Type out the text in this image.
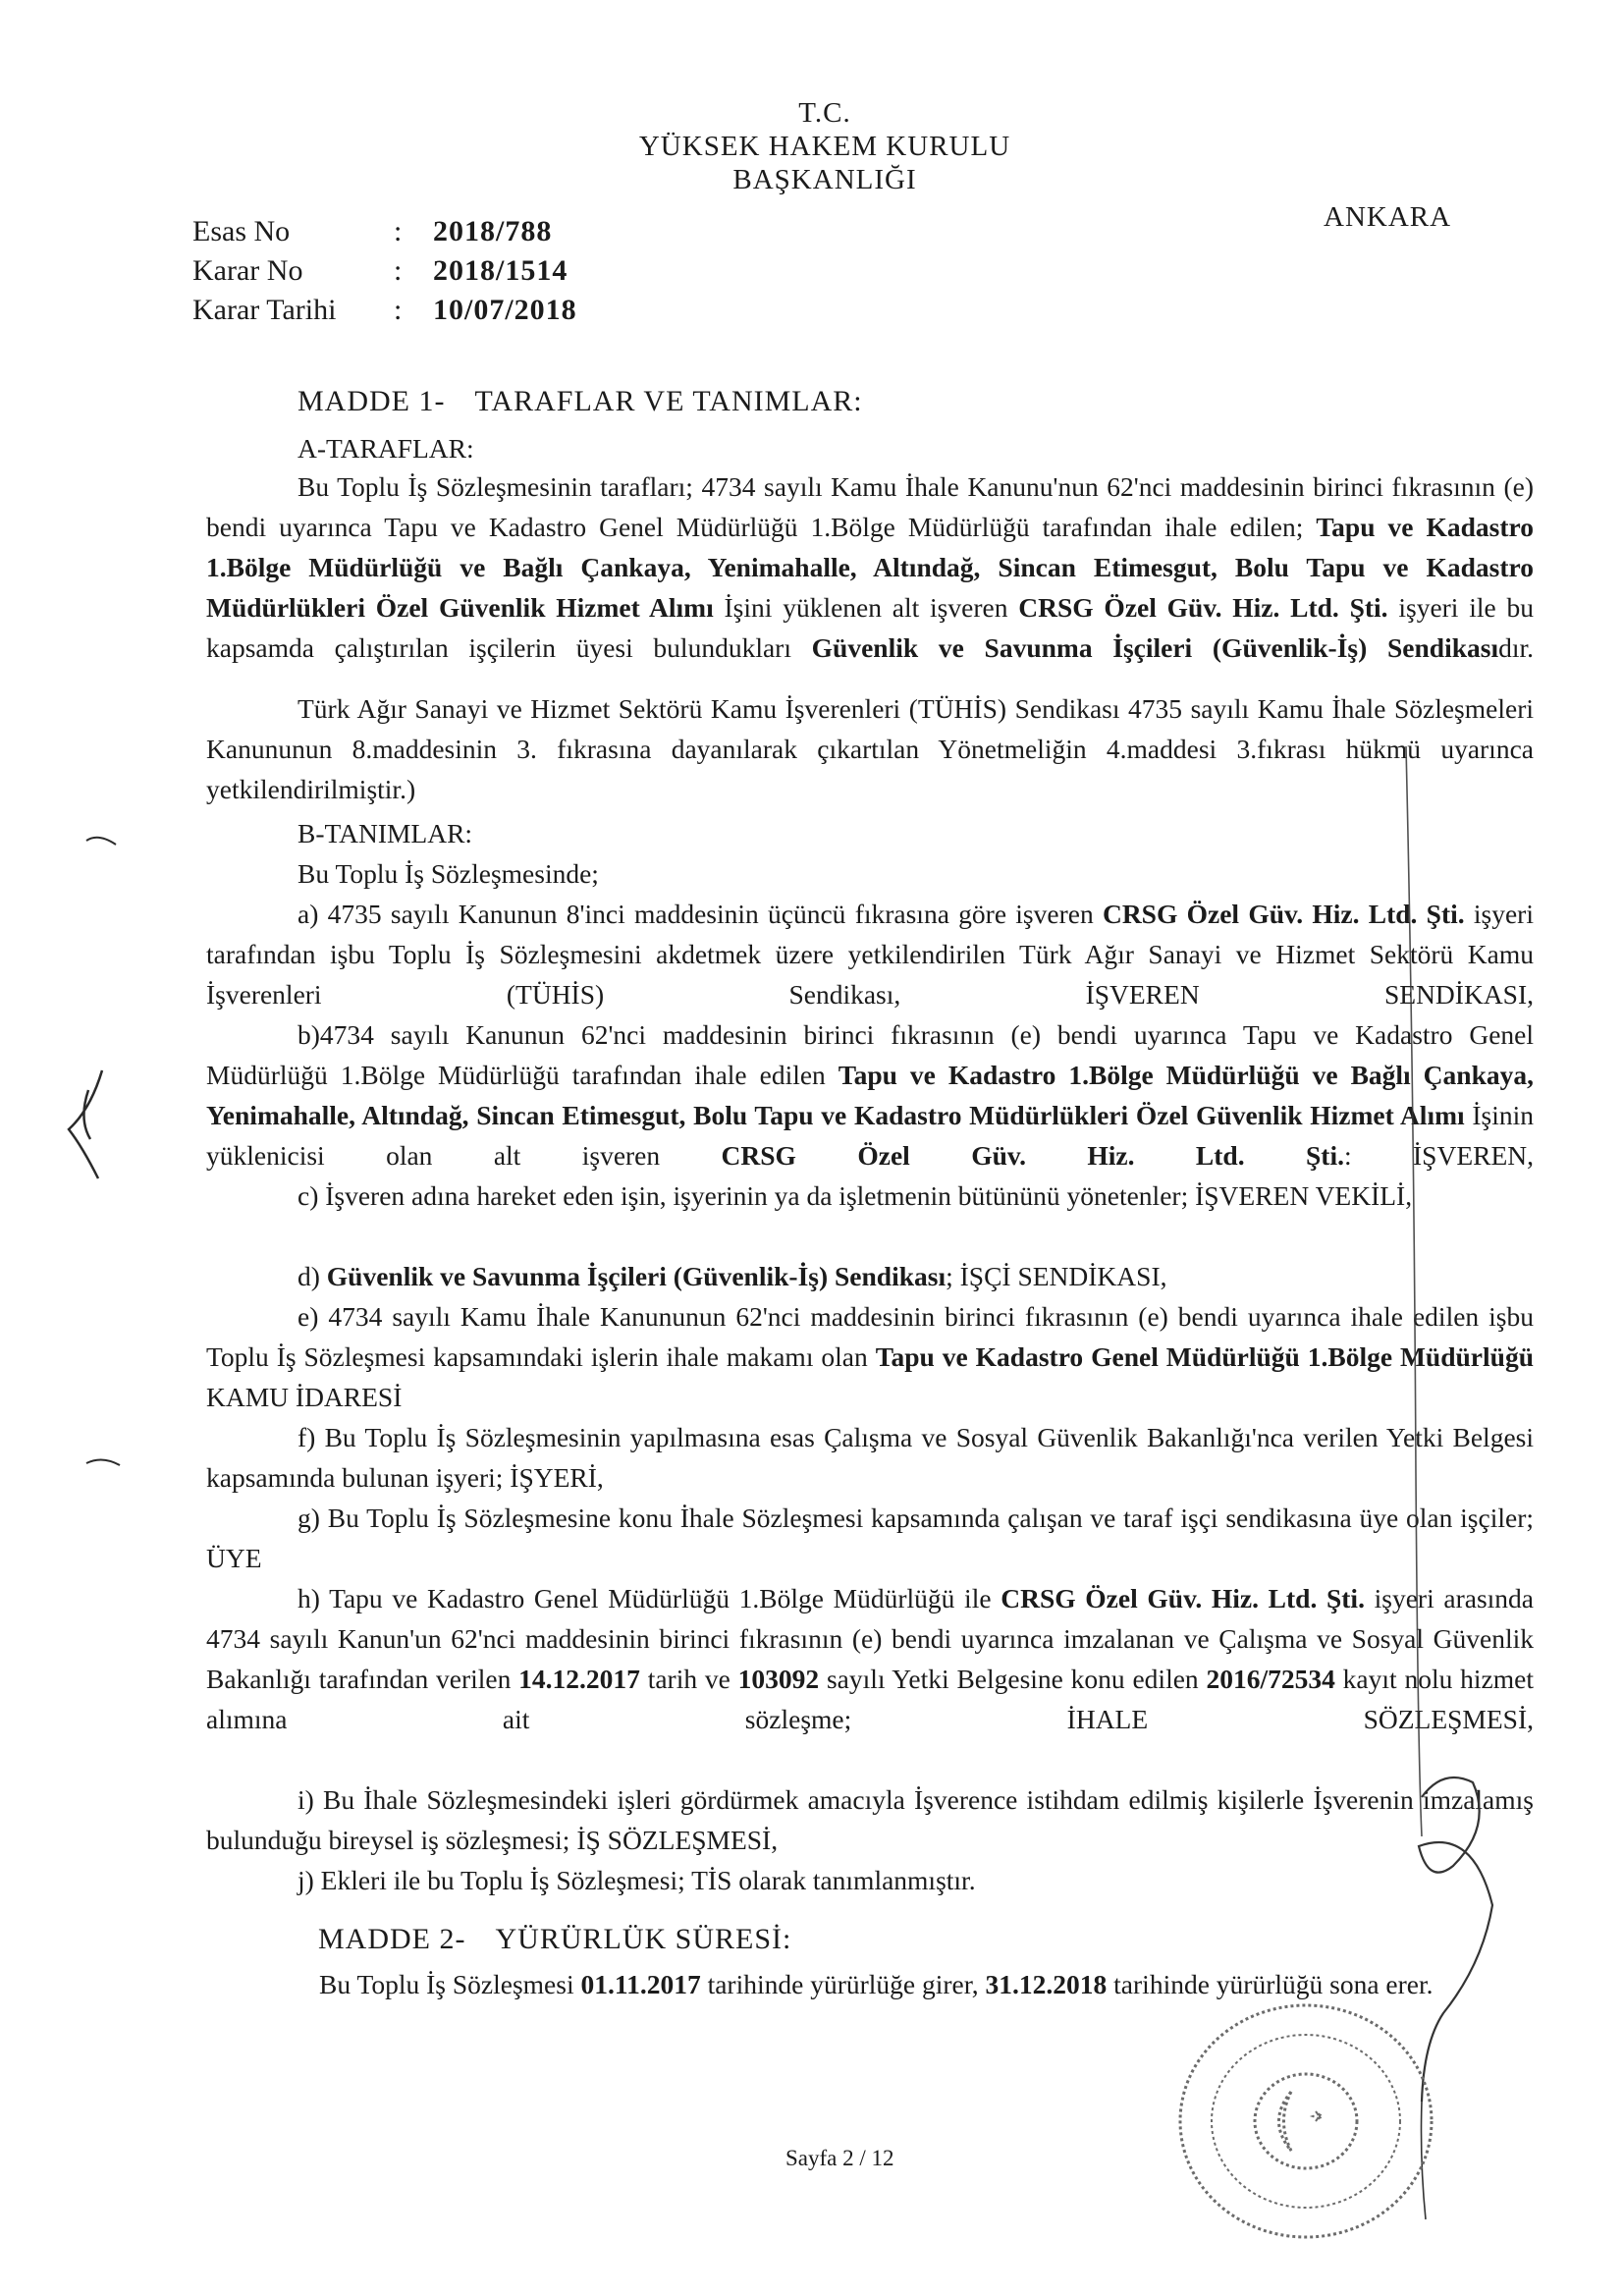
T.C.
YÜKSEK HAKEM KURULU
BAŞKANLIĞI
ANKARA
Esas No	: 2018/788
Karar No	: 2018/1514
Karar Tarihi : 10/07/2018
MADDE 1- TARAFLAR VE TANIMLAR:
A-TARAFLAR:
Bu Toplu İş Sözleşmesinin tarafları; 4734 sayılı Kamu İhale Kanunu'nun 62'nci maddesinin birinci fıkrasının (e) bendi uyarınca Tapu ve Kadastro Genel Müdürlüğü 1.Bölge Müdürlüğü tarafından ihale edilen; Tapu ve Kadastro 1.Bölge Müdürlüğü ve Bağlı Çankaya, Yenimahalle, Altındağ, Sincan Etimesgut, Bolu Tapu ve Kadastro Müdürlükleri Özel Güvenlik Hizmet Alımı İşini yüklenen alt işveren CRSG Özel Güv. Hiz. Ltd. Şti. işyeri ile bu kapsamda çalıştırılan işçilerin üyesi bulundukları Güvenlik ve Savunma İşçileri (Güvenlik-İş) Sendikasıdır.
Türk Ağır Sanayi ve Hizmet Sektörü Kamu İşverenleri (TÜHİS) Sendikası 4735 sayılı Kamu İhale Sözleşmeleri Kanununun 8.maddesinin 3. fıkrasına dayanılarak çıkartılan Yönetmeliğin 4.maddesi 3.fıkrası hükmü uyarınca yetkilendirilmiştir.)
B-TANIMLAR:
Bu Toplu İş Sözleşmesinde;
a) 4735 sayılı Kanunun 8'inci maddesinin üçüncü fıkrasına göre işveren CRSG Özel Güv. Hiz. Ltd. Şti. işyeri tarafından işbu Toplu İş Sözleşmesini akdetmek üzere yetkilendirilen Türk Ağır Sanayi ve Hizmet Sektörü Kamu İşverenleri (TÜHİS) Sendikası, İŞVEREN SENDİKASI,
b)4734 sayılı Kanunun 62'nci maddesinin birinci fıkrasının (e) bendi uyarınca Tapu ve Kadastro Genel Müdürlüğü 1.Bölge Müdürlüğü tarafından ihale edilen Tapu ve Kadastro 1.Bölge Müdürlüğü ve Bağlı Çankaya, Yenimahalle, Altındağ, Sincan Etimesgut, Bolu Tapu ve Kadastro Müdürlükleri Özel Güvenlik Hizmet Alımı İşinin yüklenicisi olan alt işveren CRSG Özel Güv. Hiz. Ltd. Şti.: İŞVEREN,
c) İşveren adına hareket eden işin, işyerinin ya da işletmenin bütününü yönetenler; İŞVEREN VEKİLİ,
d) Güvenlik ve Savunma İşçileri (Güvenlik-İş) Sendikası; İŞÇİ SENDİKASI,
e) 4734 sayılı Kamu İhale Kanununun 62'nci maddesinin birinci fıkrasının (e) bendi uyarınca ihale edilen işbu Toplu İş Sözleşmesi kapsamındaki işlerin ihale makamı olan Tapu ve Kadastro Genel Müdürlüğü 1.Bölge Müdürlüğü KAMU İDARESİ
f) Bu Toplu İş Sözleşmesinin yapılmasına esas Çalışma ve Sosyal Güvenlik Bakanlığı'nca verilen Yetki Belgesi kapsamında bulunan işyeri; İŞYERİ,
g) Bu Toplu İş Sözleşmesine konu İhale Sözleşmesi kapsamında çalışan ve taraf işçi sendikasına üye olan işçiler; ÜYE
h) Tapu ve Kadastro Genel Müdürlüğü 1.Bölge Müdürlüğü ile CRSG Özel Güv. Hiz. Ltd. Şti. işyeri arasında 4734 sayılı Kanun'un 62'nci maddesinin birinci fıkrasının (e) bendi uyarınca imzalanan ve Çalışma ve Sosyal Güvenlik Bakanlığı tarafından verilen 14.12.2017 tarih ve 103092 sayılı Yetki Belgesine konu edilen 2016/72534 kayıt nolu hizmet alımına ait sözleşme; İHALE SÖZLEŞMESİ,
i) Bu İhale Sözleşmesindeki işleri gördürmek amacıyla İşverence istihdam edilmiş kişilerle İşverenin imzalamış bulunduğu bireysel iş sözleşmesi; İŞ SÖZLEŞMESİ,
j) Ekleri ile bu Toplu İş Sözleşmesi; TİS olarak tanımlanmıştır.
MADDE 2- YÜRÜRLÜK SÜRESİ:
Bu Toplu İş Sözleşmesi 01.11.2017 tarihinde yürürlüğe girer, 31.12.2018 tarihinde yürürlüğü sona erer.
Sayfa 2 / 12
